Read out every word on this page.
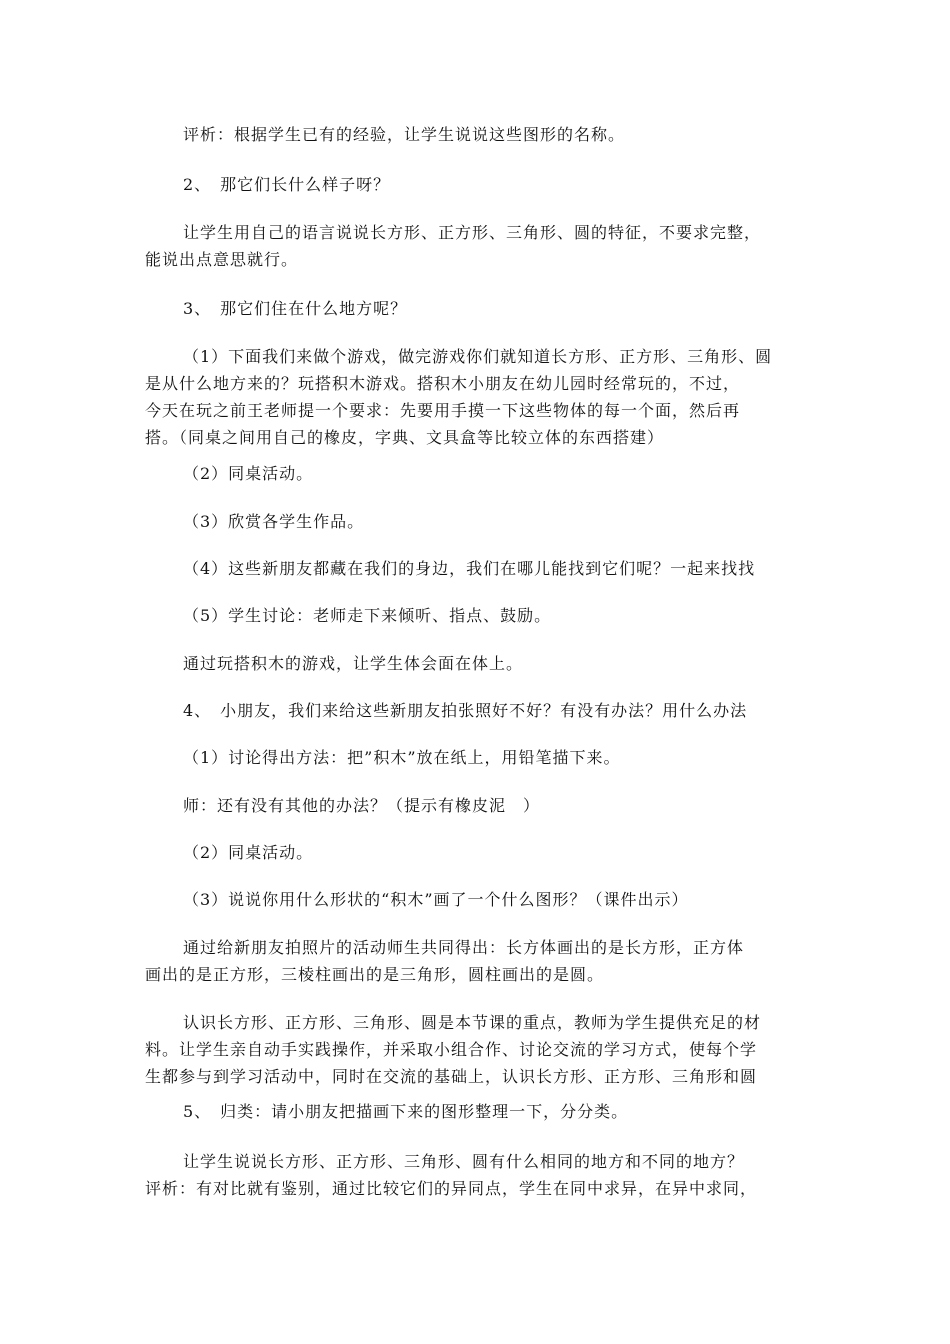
评析：根据学生已有的经验，让学生说说这些图形的名称。
2、　那它们长什么样子呀？
让学生用自己的语言说说长方形、正方形、三角形、圆的特征，不要求完整，
能说出点意思就行。
3、　那它们住在什么地方呢？
（1）下面我们来做个游戏，做完游戏你们就知道长方形、正方形、三角形、圆
是从什么地方来的？玩搭积木游戏。搭积木小朋友在幼儿园时经常玩的，不过，
今天在玩之前王老师提一个要求：先要用手摸一下这些物体的每一个面，然后再
搭。（同桌之间用自己的橡皮，字典、文具盒等比较立体的东西搭建）
（2）同桌活动。
（3）欣赏各学生作品。
（4）这些新朋友都藏在我们的身边，我们在哪儿能找到它们呢？一起来找找
（5）学生讨论：老师走下来倾听、指点、鼓励。
通过玩搭积木的游戏，让学生体会面在体上。
4、　小朋友，我们来给这些新朋友拍张照好不好？有没有办法？用什么办法
（1）讨论得出方法：把”积木”放在纸上，用铅笔描下来。
师：还有没有其他的办法？（提示有橡皮泥　）
（2）同桌活动。
（3）说说你用什么形状的“积木”画了一个什么图形？（课件出示）
通过给新朋友拍照片的活动师生共同得出：长方体画出的是长方形，正方体
画出的是正方形，三棱柱画出的是三角形，圆柱画出的是圆。
认识长方形、正方形、三角形、圆是本节课的重点，教师为学生提供充足的材
料。让学生亲自动手实践操作，并采取小组合作、讨论交流的学习方式，使每个学
生都参与到学习活动中，同时在交流的基础上，认识长方形、正方形、三角形和圆
5、　归类：请小朋友把描画下来的图形整理一下，分分类。
让学生说说长方形、正方形、三角形、圆有什么相同的地方和不同的地方？
评析：有对比就有鉴别，通过比较它们的异同点，学生在同中求异，在异中求同，
